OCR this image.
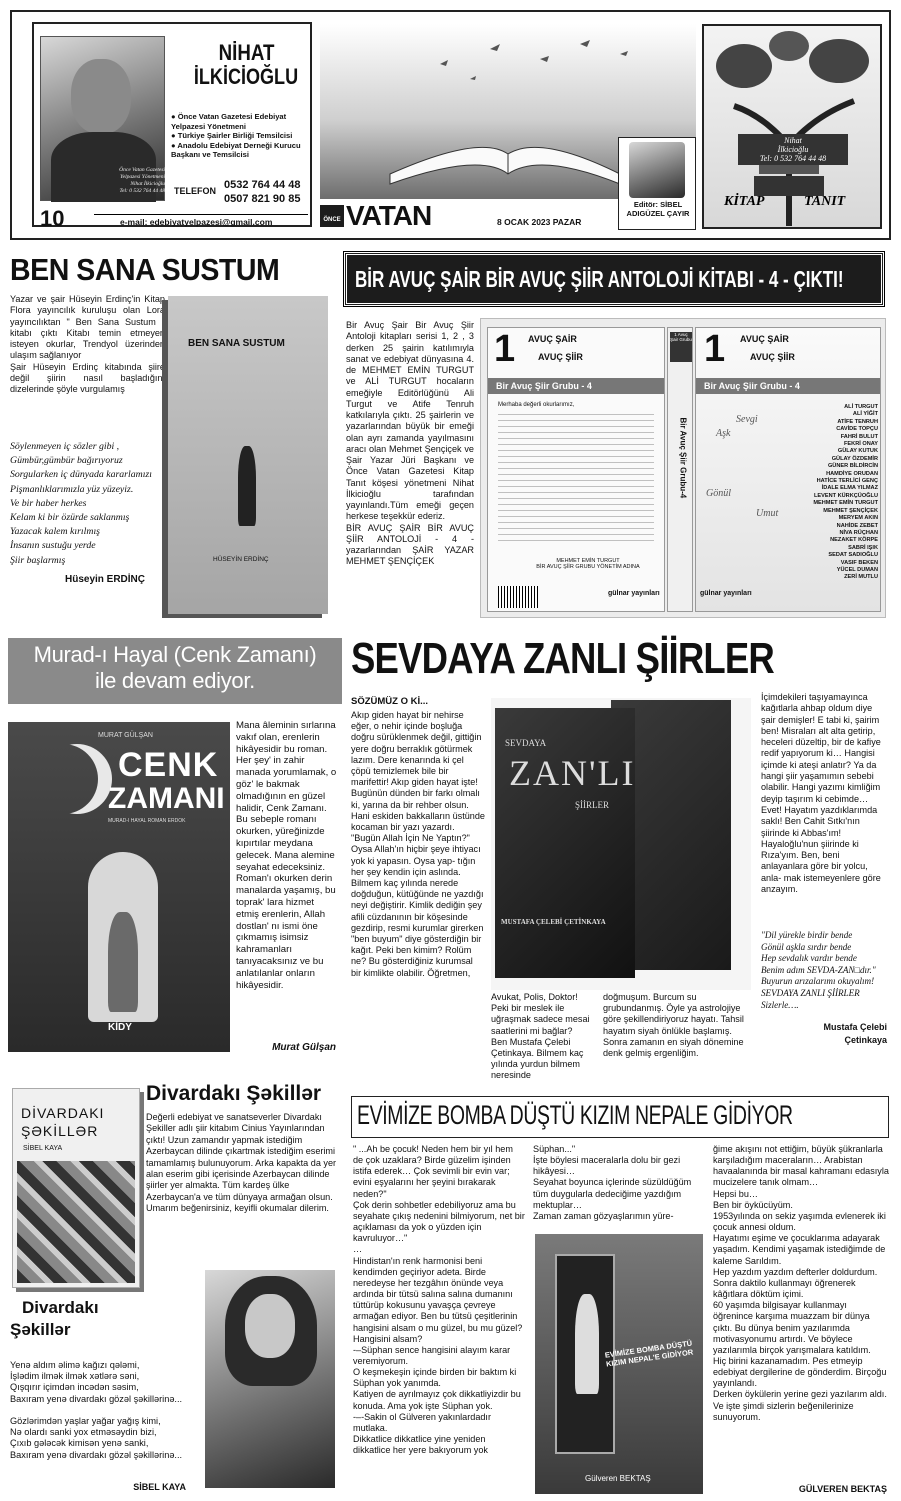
Önce Vatan Gazetesi
Yelpazesi Yönetmeni
Nihat İlkicioğlu
Tel: 0 532 764 44 48
NİHAT
İLKİCİOĞLU
● Önce Vatan Gazetesi Edebiyat Yelpazesi Yönetmeni
● Türkiye Şairler Birliği Temsilcisi
● Anadolu Edebiyat Derneği Kurucu Başkanı ve Temsilcisi
TELEFON 0532 764 44 48
0507 821 90 85
10	e-mail: edebiyatyelpazesi@gmail.com
Editör: SİBEL
ADIGÜZEL ÇAYIR
ÖNCE VATAN	8 OCAK 2023 PAZAR
Nihat
İlkicioğlu
Tel: 0 532 764 44 48
KİTAP	TANIT
BEN SANA SUSTUM
Yazar ve şair Hüseyin Erdinç'in Kitap Flora yayıncılık kuruluşu olan Lora yayıncılıktan " Ben Sana Sustum " kitabı çıktı Kitabı temin etmeyen isteyen okurlar, Trendyol üzerinden ulaşım sağlanıyor
Şair Hüseyin Erdinç kitabında şiire değil şiirin nasıl başladığını dizelerinde şöyle vurgulamış
Söylenmeyen iç sözler gibi ,
Gümbür,gümbür bağırıyoruz
Sorgularken iç dünyada kararlamızı
Pişmanlıklarımızla yüz yüzeyiz.
Ve bir haber herkes
Kelam ki bir özürde saklanmış
Yazacak kalem kırılmış
İnsanın sustuğu yerde
Şiir başlarmış
Hüseyin ERDİNÇ
BEN SANA SUSTUM
HÜSEYİN ERDİNÇ
BİR AVUÇ ŞAİR BİR AVUÇ ŞİİR ANTOLOJİ KİTABI - 4 - ÇIKTI!
Bir Avuç Şair Bir Avuç Şiir Antoloji kitapları serisi 1, 2 , 3 derken 25 şairin katılımıyla sanat ve edebiyat dünyasına 4. de MEHMET EMİN TURGUT ve ALİ TURGUT hocaların emeğiyle Editörlüğünü Ali Turgut ve Atife Tenruh katkılarıyla çıktı. 25 şairlerin ve yazarlarından büyük bir emeği olan ayrı zamanda yayılmasını aracı olan Mehmet Şençiçek ve Şair Yazar Jüri Başkanı ve Önce Vatan Gazetesi Kitap Tanıt köşesi yönetmeni Nihat İlkicioğlu tarafından yayınlandı.Tüm emeği geçen herkese teşekkür ederiz.
BİR AVUÇ ŞAİR BİR AVUÇ ŞİİR ANTOLOJİ - 4 - yazarlarından ŞAİR YAZAR MEHMET ŞENÇİÇEK
1 AVUÇ ŞAİR
AVUÇ ŞİİR
Bir Avuç Şiir Grubu - 4
Merhaba değerli okurlarımız,
MEHMET EMİN TURGUT
BİR AVUÇ ŞİİR GRUBU YÖNETİM ADINA
gülnar yayınları
1 Avuç Şair Grubu
Bir Avuç Şiir Grubu-4
1 AVUÇ ŞAİR
AVUÇ ŞİİR
Bir Avuç Şiir Grubu - 4
Aşk
Sevgi
Gönül
Umut
ALİ TURGUT
ALİ YİĞİT
ATİFE TENRUH
CAVİDE TOPÇU
FAHRİ BULUT
FEKRİ ONAY
GÜLAY KUTUK
GÜLAY ÖZDEMİR
GÜNER BİLDİRCİN
HAMDİYE ORUDAN
HATİCE TERLİCİ GENÇ
İDALE ELMA YILMAZ
LEVENT KÜRKÇÜOĞLU
MEHMET EMİN TURGUT
MEHMET ŞENÇİÇEK
MERYEM AKIN
NAHİDE ZEBET
NİVA RÜÇHAN
NEZAKET KÖRPE
SABRİ IŞIK
SEDAT SADIOĞLU
VASIF BEKEN
YÜCEL DUMAN
ZERİ MUTLU
gülnar yayınları
Murad-ı Hayal (Cenk Zamanı)
ile devam ediyor.
MURAT GÜLŞAN
CENK
ZAMANI
MURAD-I HAYAL ROMAN ERDOK
KİDY
Mana âleminin sırlarına vakıf olan, erenlerin hikâyesidir bu roman. Her şey' in zahir manada yorumlamak, o göz' le bakmak olmadığının en güzel halidir, Cenk Zamanı. Bu sebeple romanı okurken, yüreğinizde kıpırtılar meydana gelecek. Mana alemine seyahat edeceksiniz. Roman'ı okurken derin manalarda yaşamış, bu toprak' lara hizmet etmiş erenlerin, Allah dostlan' nı ismi öne çıkmamış isimsiz kahramanları tanıyacaksınız ve bu anlatılanlar onların hikâyesidir.
Murat Gülşan
SEVDAYA ZANLI ŞİİRLER
SÖZÜMÜZ O Kİ...
Akıp giden hayat bir nehirse eğer, o nehir içinde boşluğa doğru sürüklenmek değil, gittiğin yere doğru berraklık götürmek lazım. Dere kenarında ki çel çöpü temizlemek bile bir marifettir! Akıp giden hayat işte! Bugünün dünden bir farkı olmalı ki, yarına da bir rehber olsun. Hani eskiden bakkalların üstünde kocaman bir yazı yazardı. "Bugün Allah İçin Ne Yaptın?" Oysa Allah'ın hiçbir şeye ihtiyacı yok ki yapasın. Oysa yap- tığın her şey kendin için aslında. Bilmem kaç yılında nerede doğduğun, kütüğünde ne yazdığı neyi değiştirir. Kimlik dediğin şey afili cüzdanının bir köşesinde gezdirip, resmi kurumlar girerken "ben buyum" diye gösterdiğin bir kağıt. Peki ben kimim? Rolüm ne? Bu gösterdiğiniz kurumsal bir kimlikte olabilir. Öğretmen,
SEVDAYA
ZAN'LI
ŞİİRLER
MUSTAFA ÇELEBİ ÇETİNKAYA
Avukat, Polis, Doktor! Peki bir meslek ile uğraşmak sadece mesai saatlerini mi bağlar?
Ben Mustafa Çelebi Çetinkaya. Bilmem kaç yılında yurdun bilmem neresinde
doğmuşum. Burcum su grubundanmış. Öyle ya astrolojiye göre şekillendiriyoruz hayatı. Tahsil hayatım siyah önlükle başlamış. Sonra zamanın en siyah dönemine denk gelmiş ergenliğim.
İçimdekileri taşıyamayınca kağıtlarla ahbap oldum diye şair demişler! E tabi ki, şairim ben! Misraları alt alta getirip, heceleri düzeltip, bir de kafiye redif yapıyorum ki… Hangisi içimde ki ateşi anlatır? Ya da hangi şiir yaşamımın sebebi olabilir. Hangi yazımı kimliğim deyip taşırım ki cebimde…
Evet! Hayatım yazdıklarımda saklı! Ben Cahit Sıtkı'nın şiirinde ki Abbas'ım! Hayaloğlu'nun şiirinde ki Rıza'yım. Ben, beni anlayanlara göre bir yolcu, anla- mak istemeyenlere göre anzayım.
"Dil yürekle birdir bende
Gönül aşkla sırdır bende
Hep sevdalık vardır bende
Benim adım SEVDA-ZAN□dır."
Buyurun arızalarımı okuyalım!
SEVDAYA ZANLI ŞİİRLER Sizlerle….
Mustafa Çelebi
Çetinkaya
DİVARDAKI
ŞƏKİLLƏR
SİBEL KAYA
Divardakı Şəkillər
Değerli edebiyat ve sanatseverler Divardakı Şekiller adlı şiir kitabım Cinius Yayınlarından çıktı! Uzun zamandır yapmak istediğim Azerbaycan dilinde çıkartmak istediğim eserimi tamamlamış bulunuyorum. Arka kapakta da yer alan eserim gibi içerisinde Azerbaycan dilinde şiirler yer almakta. Tüm kardeş ülke Azerbaycan'a ve tüm dünyaya armağan olsun. Umarım beğenirsiniz, keyifli okumalar dilerim.
Divardakı
Şəkillər
Yenə aldım əlimə kağızı qələmi,
İşlədim ilmək ilmək xətlərə səni,
Qışqırır içimdən incədən səsim,
Baxıram yenə divardakı gözəl şəkillərinə...

Gözlərimdən yaşlar yağar yağış kimi,
Nə olardı sanki yox etməsəydin bizi,
Çıxıb gələcək kimisən yenə sanki,
Baxıram yenə divardakı gözəl şəkillərinə...
SİBEL KAYA
EVİMİZE BOMBA DÜŞTÜ KIZIM NEPALE GİDİYOR
" ...Ah be çocuk! Neden hem bir yıl hem de çok uzaklara? Birde güzelim işinden istifa ederek… Çok sevimli bir evin var; evini eşyalarını her şeyini bırakarak neden?"
Çok derin sohbetler edebiliyoruz ama bu seyahate çıkış nedenini bilmiyorum, net bir açıklaması da yok o yüzden için kavruluyor…"
…
Hindistan'ın renk harmonisi beni kendimden geçiriyor adeta. Birde neredeyse her tezgâhın önünde veya ardında bir tütsü salına salına dumanını tüttürüp kokusunu yavaşça çevreye armağan ediyor. Ben bu tütsü çeşitlerinin hangisini alsam o mu güzel, bu mu güzel? Hangisini alsam?
-–Süphan sence hangisini alayım karar veremiyorum.
O keşmekeşin içinde birden bir baktım ki Süphan yok yanımda.
Katiyen de ayrılmayız çok dikkatliyizdir bu konuda. Ama yok işte Süphan yok.
-–-Sakin ol Gülveren yakınlardadır mutlaka.
Dikkatlice dikkatlice yine yeniden dikkatlice her yere bakıyorum yok
Süphan..."
İşte böylesi maceralarla dolu bir gezi hikâyesi…
Seyahat boyunca içlerinde süzüldüğüm tüm duygularla dedeciğime yazdığım mektuplar…
Zaman zaman gözyaşlarımın yüre-
EVİMİZE BOMBA DÜŞTÜ
KIZIM NEPAL'E GİDİYOR
Gülveren BEKTAŞ
ğime akışını not ettiğim, büyük şükranlarla karşıladığım maceraların… Arabistan havaalanında bir masal kahramanı edasıyla mucizelere tanık olmam…
Hepsi bu…
Ben bir öykücüyüm.
1953yılında on sekiz yaşımda evlenerek iki çocuk annesi oldum.
Hayatımı eşime ve çocuklarıma adayarak yaşadım. Kendimi yaşamak istediğimde de kaleme Sarıldım.
Hep yazdım yazdım defterler doldurdum.
Sonra daktilo kullanmayı öğrenerek kâğıtlara döktüm içimi.
60 yaşımda bilgisayar kullanmayı öğrenince karşıma muazzam bir dünya çıktı. Bu dünya benim yazılarımda motivasyonumu artırdı. Ve böylece yazılarımla birçok yarışmalara katıldım.
Hiç birini kazanamadım. Pes etmeyip edebiyat dergilerine de gönderdim. Birçoğu yayınlandı.
Derken öykülerin yerine gezi yazılarım aldı.
Ve işte şimdi sizlerin beğenilerinize sunuyorum.
GÜLVEREN BEKTAŞ
